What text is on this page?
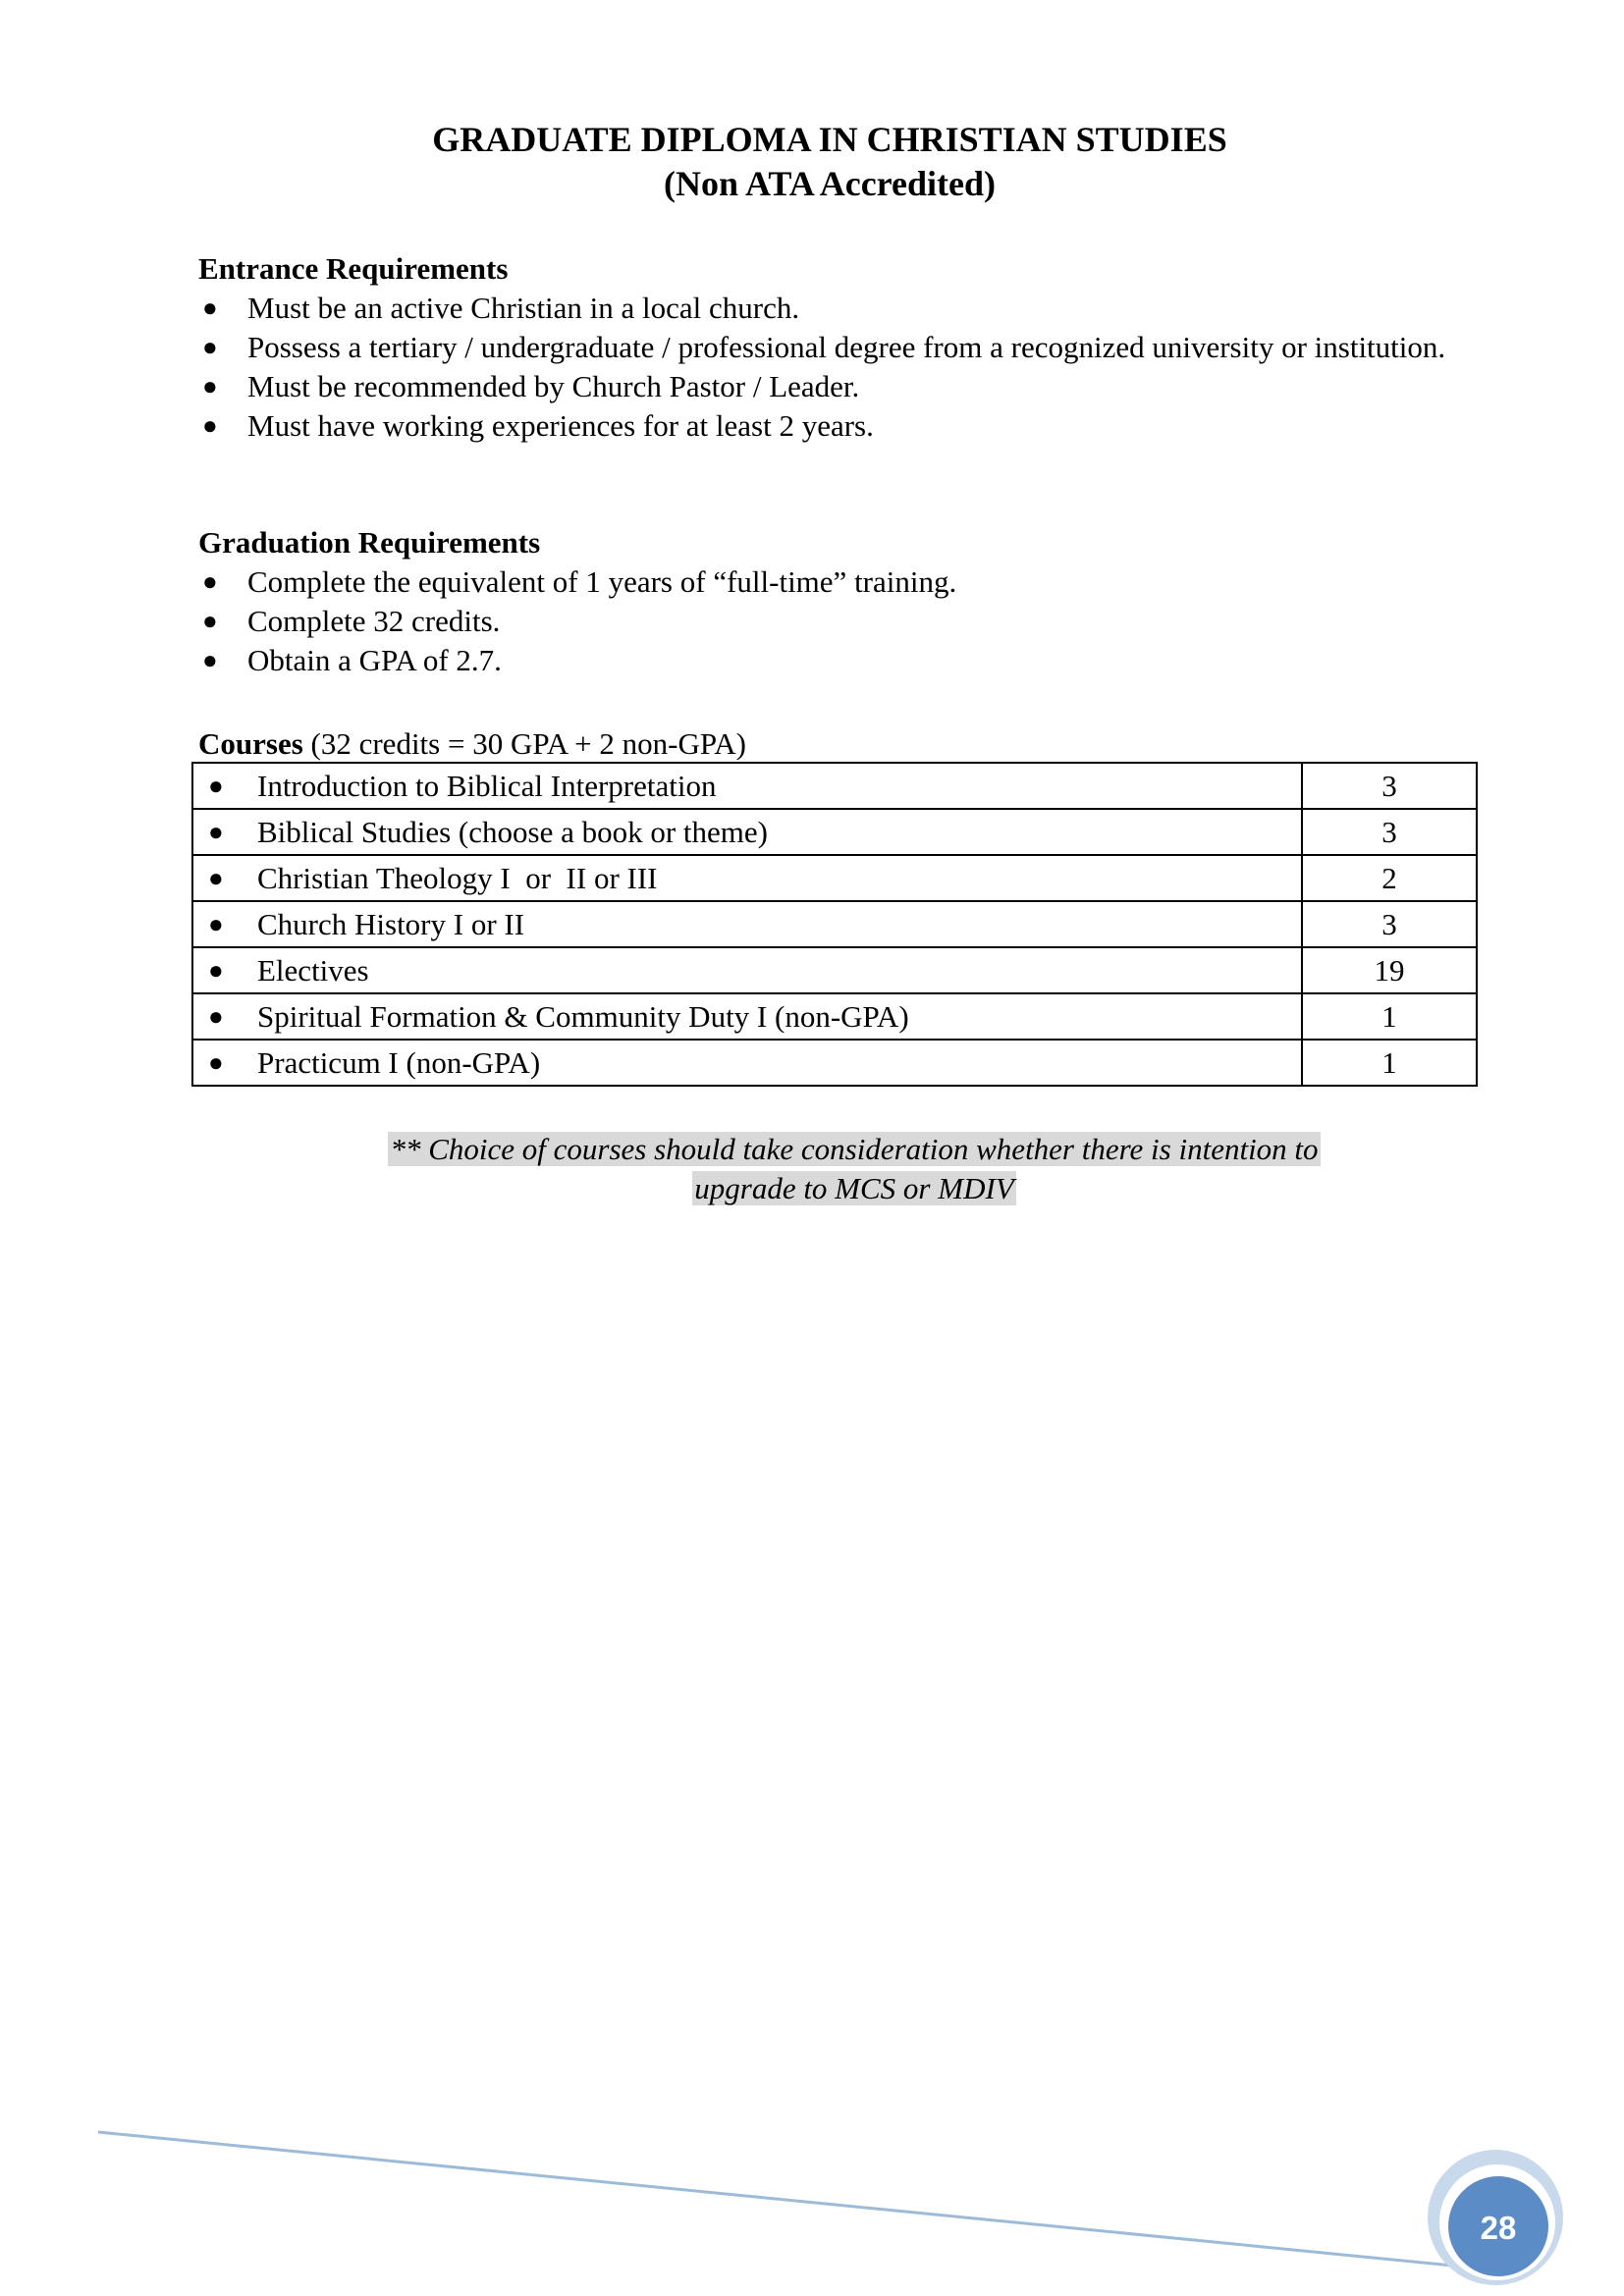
GRADUATE DIPLOMA IN CHRISTIAN STUDIES
(Non ATA Accredited)
Entrance Requirements
● Must be an active Christian in a local church.
● Possess a tertiary / undergraduate / professional degree from a recognized university or institution.
● Must be recommended by Church Pastor / Leader.
● Must have working experiences for at least 2 years.
Graduation Requirements
● Complete the equivalent of 1 years of “full-time” training.
● Complete 32 credits.
● Obtain a GPA of 2.7.
Courses (32 credits = 30 GPA + 2 non-GPA)
● Introduction to Biblical Interpretation	3

● Biblical Studies (choose a book or theme)	3

● Christian Theology I  or  II or III	2

● Church History I or II	3

● Electives	19

● Spiritual Formation & Community Duty I (non-GPA)	1

● Practicum I (non-GPA)	1
** Choice of courses should take consideration whether there is intention to
upgrade to MCS or MDIV
28
